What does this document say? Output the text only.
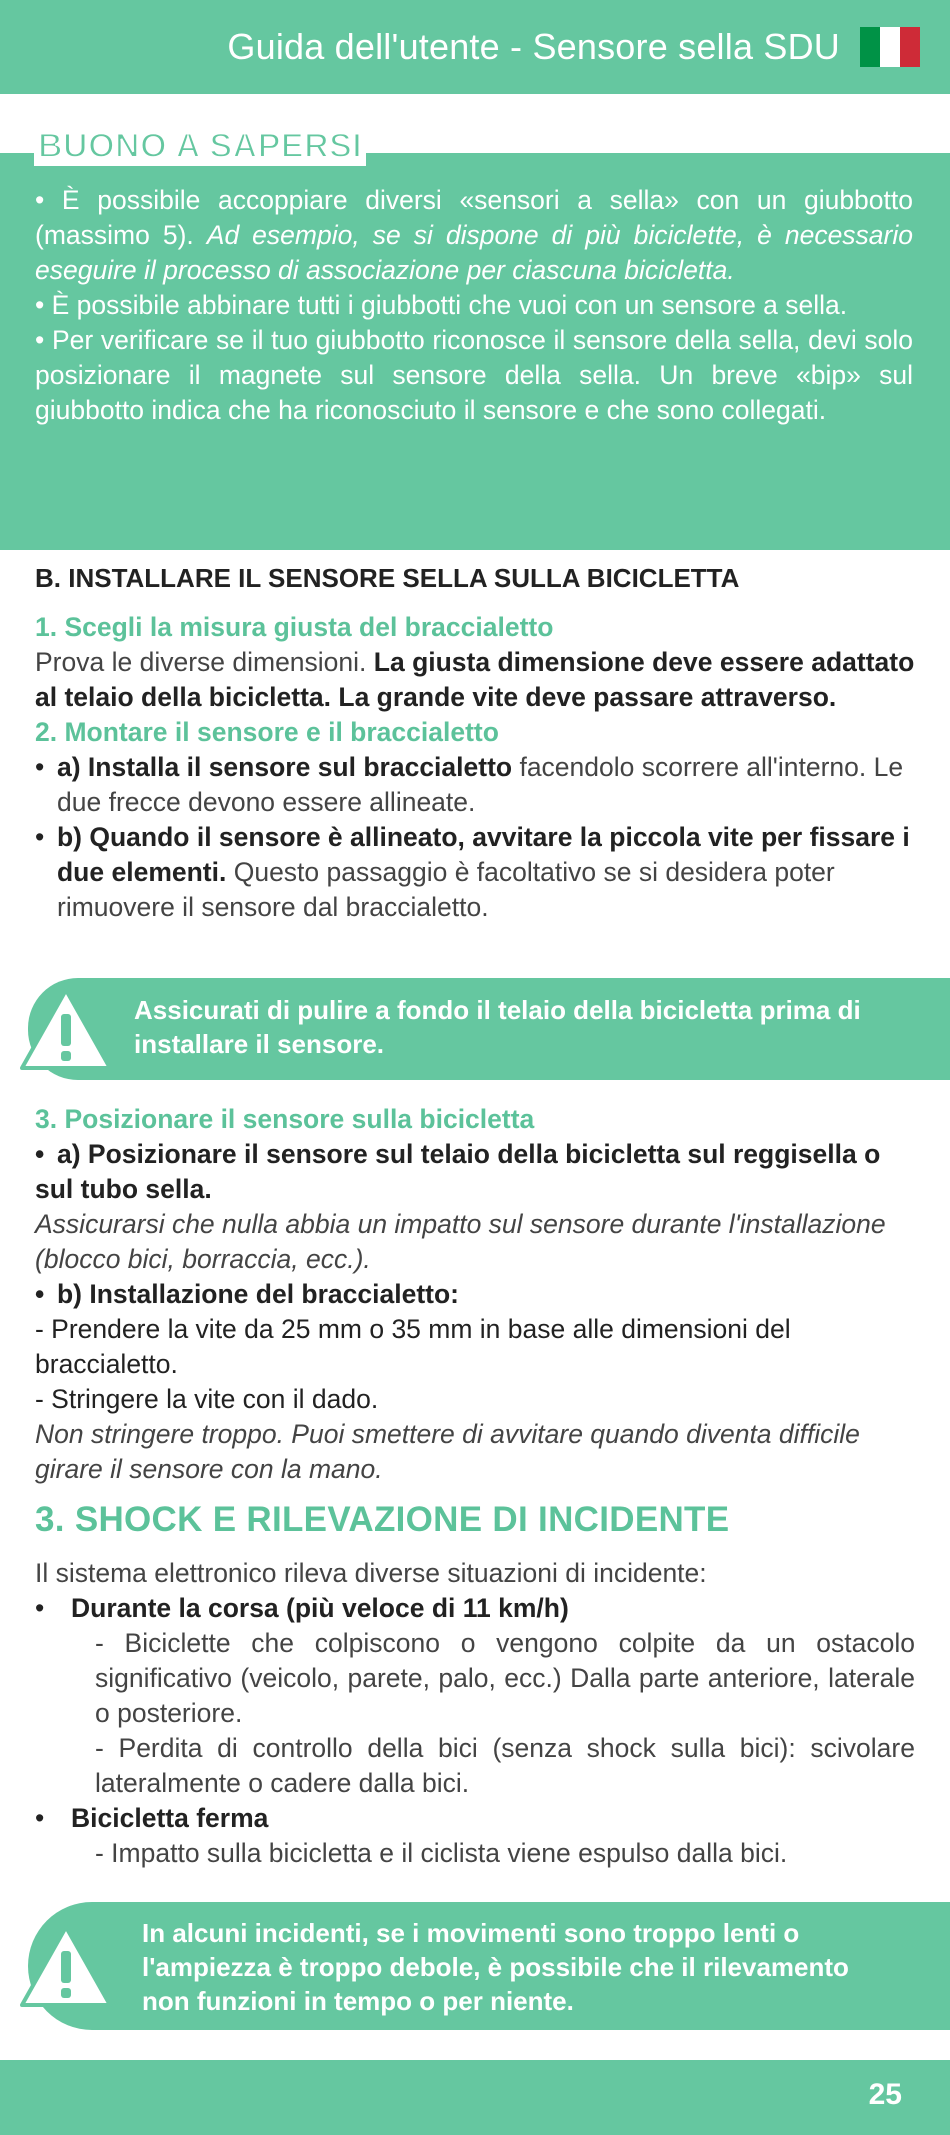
Guida dell'utente - Sensore sella SDU
BUONO A SAPERSI

• È possibile accoppiare diversi «sensori a sella» con un giubbotto (massimo 5). Ad esempio, se si dispone di più biciclette, è necessario eseguire il processo di associazione per ciascuna bicicletta.

• È possibile abbinare tutti i giubbotti che vuoi con un sensore a sella.

• Per verificare se il tuo giubbotto riconosce il sensore della sella, devi solo posizionare il magnete sul sensore della sella. Un breve «bip» sul giubbotto indica che ha riconosciuto il sensore e che sono collegati.

B. INSTALLARE IL SENSORE SELLA SULLA BICICLETTA

1. Scegli la misura giusta del braccialetto

Prova le diverse dimensioni. La giusta dimensione deve essere adattato al telaio della bicicletta. La grande vite deve passare attraverso.

2. Montare il sensore e il braccialetto

• a) Installa il sensore sul braccialetto facendolo scorrere all'interno. Le due frecce devono essere allineate.
• b) Quando il sensore è allineato, avvitare la piccola vite per fissare i due elementi. Questo passaggio è facoltativo se si desidera poter rimuovere il sensore dal braccialetto.
Assicurati di pulire a fondo il telaio della bicicletta prima di installare il sensore.

3. Posizionare il sensore sulla bicicletta

• a) Posizionare il sensore sul telaio della bicicletta sul reggisella o sul tubo sella.

Assicurarsi che nulla abbia un impatto sul sensore durante l'installazione (blocco bici, borraccia, ecc.).

• b) Installazione del braccialetto:

- Prendere la vite da 25 mm o 35 mm in base alle dimensioni del braccialetto.

- Stringere la vite con il dado.

Non stringere troppo. Puoi smettere di avvitare quando diventa difficile girare il sensore con la mano.

3. SHOCK E RILEVAZIONE DI INCIDENTE

Il sistema elettronico rileva diverse situazioni di incidente:

•	Durante la corsa (più veloce di 11 km/h)

- Biciclette che colpiscono o vengono colpite da un ostacolo significativo (veicolo, parete, palo, ecc.) Dalla parte anteriore, laterale o posteriore.

- Perdita di controllo della bici (senza shock sulla bici): scivolare lateralmente o cadere dalla bici.

•	Bicicletta ferma

- Impatto sulla bicicletta e il ciclista viene espulso dalla bici.

In alcuni incidenti, se i movimenti sono troppo lenti o l'ampiezza è troppo debole, è possibile che il rilevamento non funzioni in tempo o per niente.
25
